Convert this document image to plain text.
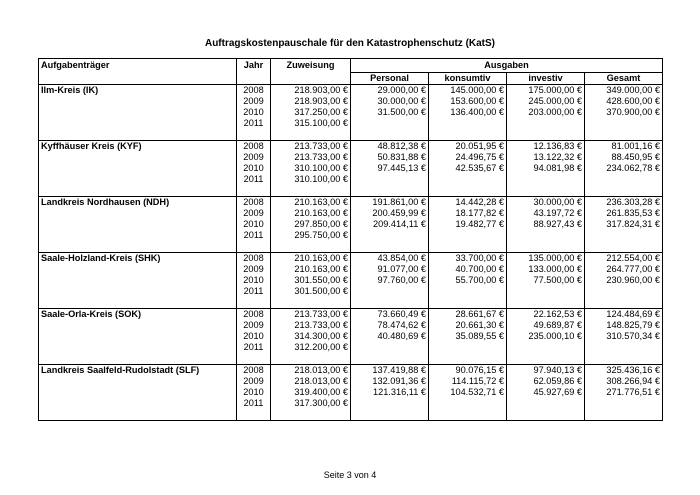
Auftragskostenpauschale für den Katastrophenschutz (KatS)
Aufgabenträger	Jahr	Zuweisung	Ausgaben			
			Personal	konsumtiv	investiv	Gesamt
Ilm-Kreis (IK)	2008	218.903,00 €	29.000,00 €	145.000,00 €	175.000,00 €	349.000,00 €
	2009	218.903,00 €	30.000,00 €	153.600,00 €	245.000,00 €	428.600,00 €
	2010	317.250,00 €	31.500,00 €	136.400,00 €	203.000,00 €	370.900,00 €
	2011	315.100,00 €				

Kyffhäuser Kreis (KYF)	2008	213.733,00 €	48.812,38 €	20.051,95 €	12.136,83 €	81.001,16 €
	2009	213.733,00 €	50.831,88 €	24.496,75 €	13.122,32 €	88.450,95 €
	2010	310.100,00 €	97.445,13 €	42.535,67 €	94.081,98 €	234.062,78 €
	2011	310.100,00 €				

Landkreis Nordhausen (NDH)	2008	210.163,00 €	191.861,00 €	14.442,28 €	30.000,00 €	236.303,28 €
	2009	210.163,00 €	200.459,99 €	18.177,82 €	43.197,72 €	261.835,53 €
	2010	297.850,00 €	209.414,11 €	19.482,77 €	88.927,43 €	317.824,31 €
	2011	295.750,00 €				

Saale-Holzland-Kreis (SHK)	2008	210.163,00 €	43.854,00 €	33.700,00 €	135.000,00 €	212.554,00 €
	2009	210.163,00 €	91.077,00 €	40.700,00 €	133.000,00 €	264.777,00 €
	2010	301.550,00 €	97.760,00 €	55.700,00 €	77.500,00 €	230.960,00 €
	2011	301.500,00 €				

Saale-Orla-Kreis (SOK)	2008	213.733,00 €	73.660,49 €	28.661,67 €	22.162,53 €	124.484,69 €
	2009	213.733,00 €	78.474,62 €	20.661,30 €	49.689,87 €	148.825,79 €
	2010	314.300,00 €	40.480,69 €	35.089,55 €	235.000,10 €	310.570,34 €
	2011	312.200,00 €				

Landkreis Saalfeld-Rudolstadt (SLF)	2008	218.013,00 €	137.419,88 €	90.076,15 €	97.940,13 €	325.436,16 €
	2009	218.013,00 €	132.091,36 €	114.115,72 €	62.059,86 €	308.266,94 €
	2010	319.400,00 €	121.316,11 €	104.532,71 €	45.927,69 €	271.776,51 €
	2011	317.300,00 €				

Seite 3 von 4
